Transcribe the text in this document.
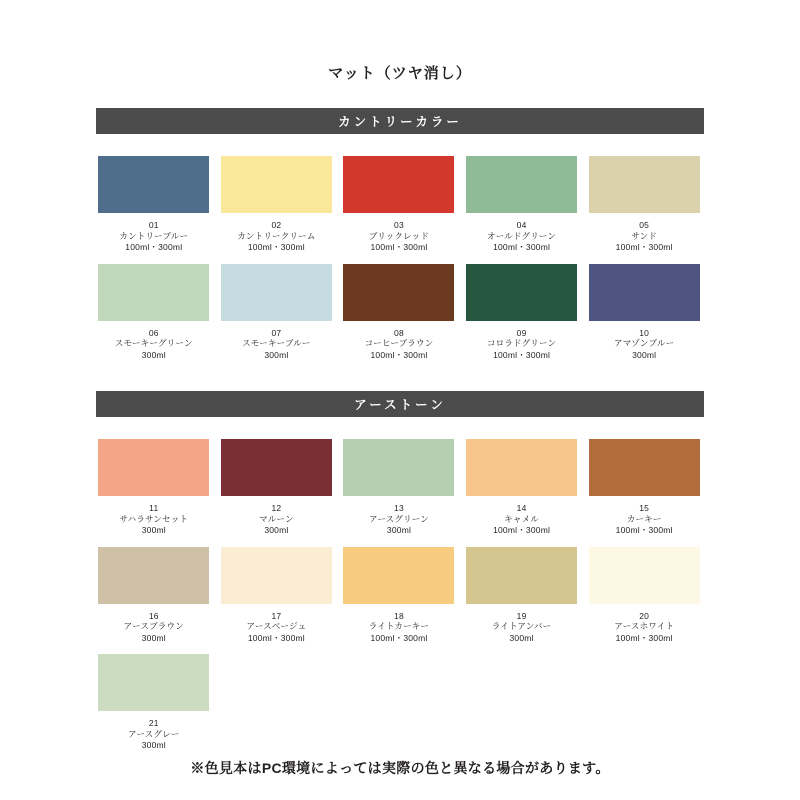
マット（ツヤ消し）
カントリーカラー
01
カントリーブルー
100ml・300ml
02
カントリークリーム
100ml・300ml
03
ブリックレッド
100ml・300ml
04
オールドグリーン
100ml・300ml
05
サンド
100ml・300ml
06
スモーキーグリーン
300ml
07
スモーキーブルー
300ml
08
コーヒーブラウン
100ml・300ml
09
コロラドグリーン
100ml・300ml
10
アマゾンブルー
300ml
アーストーン
11
サハラサンセット
300ml
12
マルーン
300ml
13
アースグリーン
300ml
14
キャメル
100ml・300ml
15
カーキー
100ml・300ml
16
アースブラウン
300ml
17
アースベージュ
100ml・300ml
18
ライトカーキー
100ml・300ml
19
ライトアンバー
300ml
20
アースホワイト
100ml・300ml
21
アースグレー
300ml
※色見本はPC環境によっては実際の色と異なる場合があります。
